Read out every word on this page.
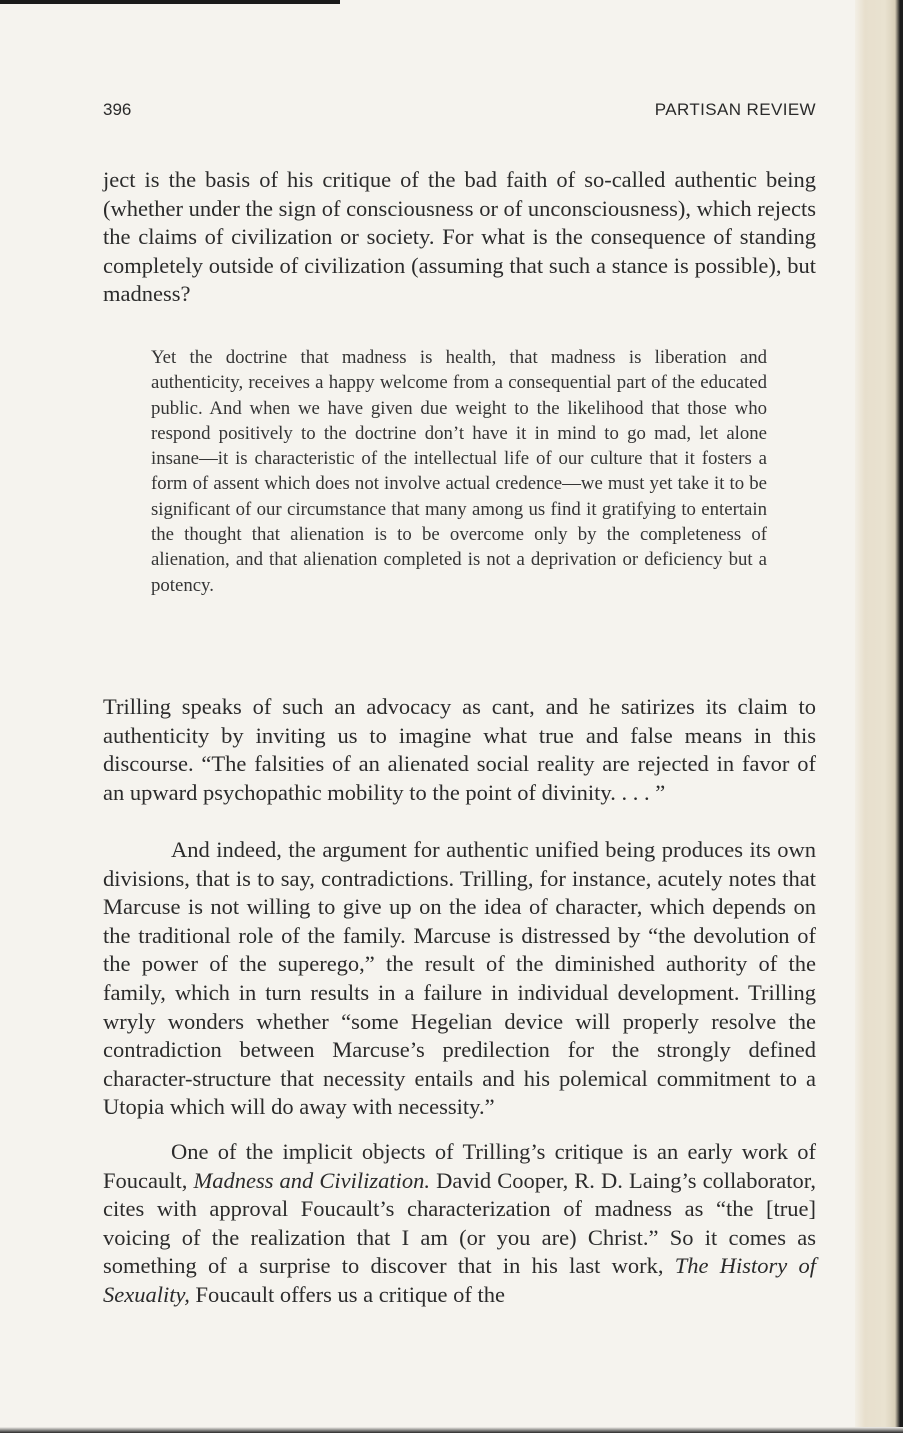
396	PARTISAN REVIEW

ject is the basis of his critique of the bad faith of so-called authentic being (whether under the sign of consciousness or of unconsciousness), which rejects the claims of civilization or society. For what is the consequence of standing completely outside of civilization (assuming that such a stance is possible), but madness?

Yet the doctrine that madness is health, that madness is liberation and authenticity, receives a happy welcome from a consequential part of the educated public. And when we have given due weight to the likelihood that those who respond positively to the doctrine don’t have it in mind to go mad, let alone insane—it is characteristic of the intellectual life of our culture that it fosters a form of assent which does not involve actual credence—we must yet take it to be significant of our circumstance that many among us find it gratifying to entertain the thought that alienation is to be overcome only by the completeness of alienation, and that alienation completed is not a deprivation or deficiency but a potency.

Trilling speaks of such an advocacy as cant, and he satirizes its claim to authenticity by inviting us to imagine what true and false means in this discourse. “The falsities of an alienated social reality are rejected in favor of an upward psychopathic mobility to the point of divinity. . . . ”

And indeed, the argument for authentic unified being produces its own divisions, that is to say, contradictions. Trilling, for instance, acutely notes that Marcuse is not willing to give up on the idea of character, which depends on the traditional role of the family. Marcuse is distressed by “the devolution of the power of the superego,” the result of the diminished authority of the family, which in turn results in a failure in individual development. Trilling wryly wonders whether “some Hegelian device will properly resolve the contradiction between Marcuse’s predilection for the strongly defined character-structure that necessity entails and his polemical commitment to a Utopia which will do away with necessity.”

One of the implicit objects of Trilling’s critique is an early work of Foucault, Madness and Civilization. David Cooper, R. D. Laing’s collaborator, cites with approval Foucault’s characterization of madness as “the [true] voicing of the realization that I am (or you are) Christ.” So it comes as something of a surprise to discover that in his last work, The History of Sexuality, Foucault offers us a critique of the
